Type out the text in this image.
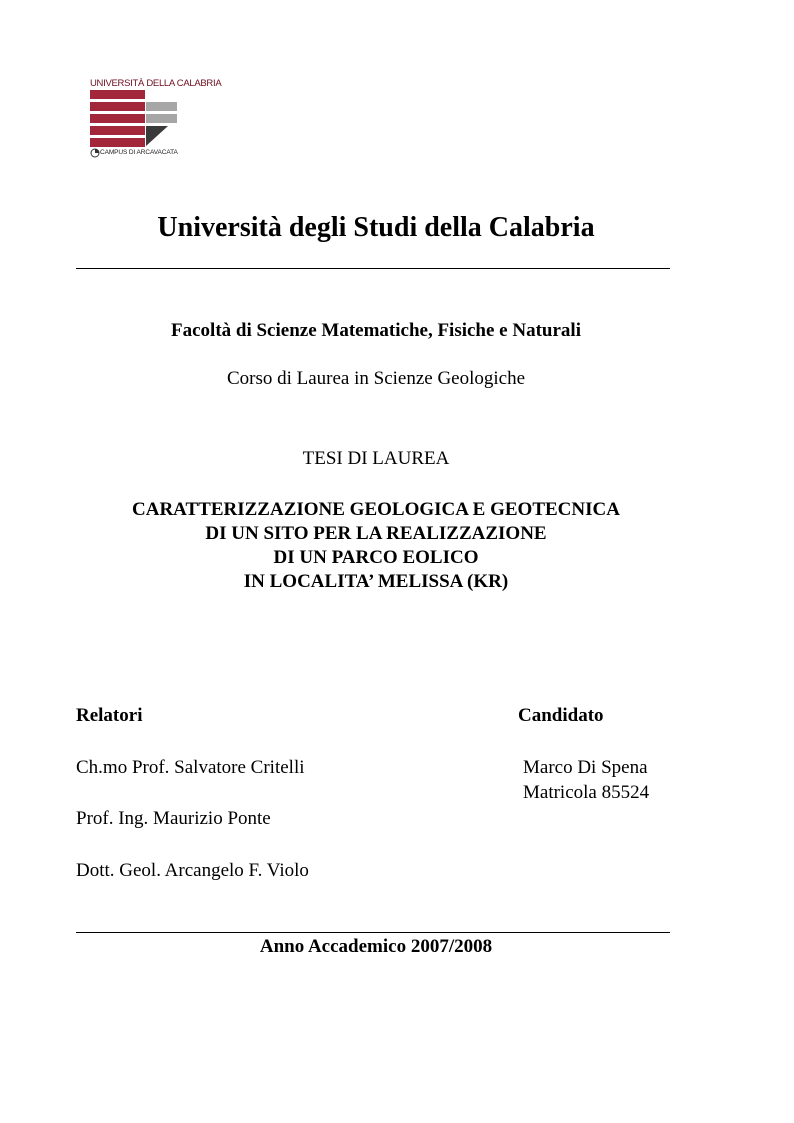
UNIVERSITÀ DELLA CALABRIA
CAMPUS DI ARCAVACATA
Università degli Studi della Calabria
Facoltà di Scienze Matematiche, Fisiche e Naturali
Corso di Laurea in Scienze Geologiche
TESI DI LAUREA
CARATTERIZZAZIONE GEOLOGICA E GEOTECNICA
DI UN SITO PER LA REALIZZAZIONE
DI UN PARCO EOLICO
IN LOCALITA’ MELISSA (KR)
Relatori
Ch.mo Prof. Salvatore Critelli
Prof. Ing. Maurizio Ponte
Dott. Geol. Arcangelo F. Violo
Candidato
Marco Di Spena
Matricola 85524
Anno Accademico 2007/2008
